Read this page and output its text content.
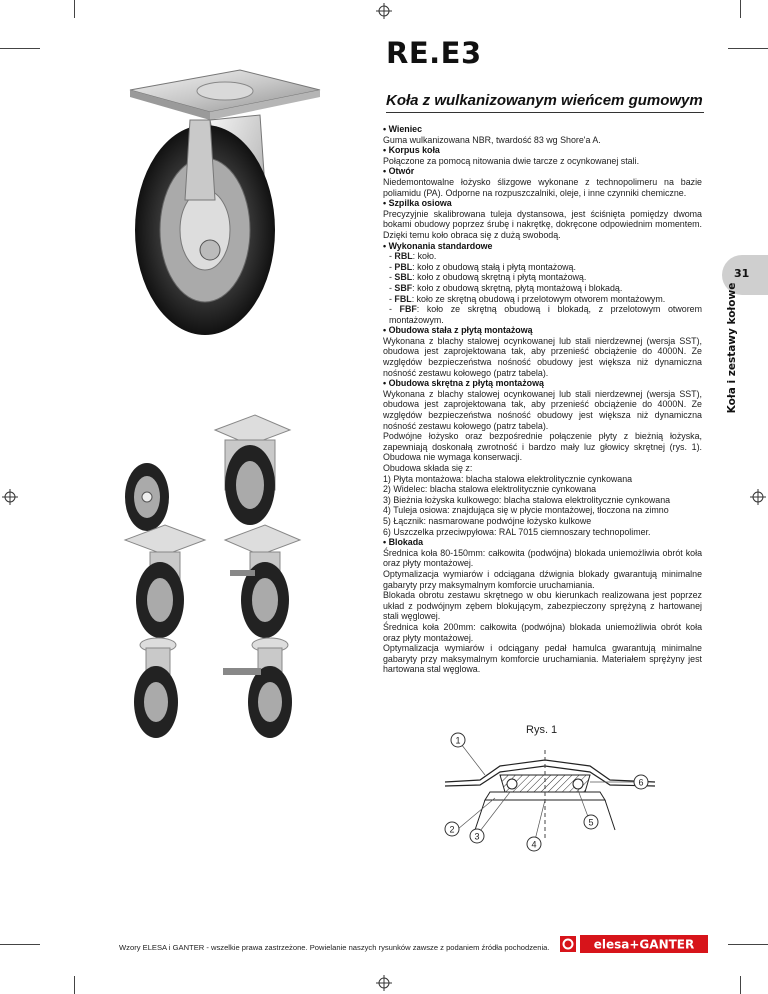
RE.E3
Koła z wulkanizowanym wieńcem gumowym
31
Koła i zestawy kołowe
• Wieniec

Guma wulkanizowana NBR, twardość 83 wg Shore'a A.

• Korpus koła

Połączone za pomocą nitowania dwie tarcze z ocynkowanej stali.

• Otwór

Niedemontowalne łożysko ślizgowe wykonane z technopolimeru na bazie poliamidu (PA). Odporne na rozpuszczalniki, oleje, i inne czynniki chemiczne.

• Szpilka osiowa

Precyzyjnie skalibrowana tuleja dystansowa, jest ściśnięta pomiędzy dwoma bokami obudowy poprzez śrubę i nakrętkę, dokręcone odpowiednim momentem. Dzięki temu koło obraca się z dużą swobodą.

• Wykonania standardowe
- RBL: koło.
- PBL: koło z obudową stałą i płytą montażową.
- SBL: koło z obudową skrętną i płytą montażową.
- SBF: koło z obudową skrętną, płytą montażową i blokadą.
- FBL: koło ze skrętną obudową i przelotowym otworem montażowym.
- FBF: koło ze skrętną obudową i blokadą, z przelotowym otworem montażowym.
• Obudowa stała z płytą montażową

Wykonana z blachy stalowej ocynkowanej lub stali nierdzewnej (wersja SST), obudowa jest zaprojektowana tak, aby przenieść obciążenie do 4000N. Ze względów bezpieczeństwa nośność obudowy jest większa niż dynamiczna nośność zestawu kołowego (patrz tabela).

• Obudowa skrętna z płytą montażową

Wykonana z blachy stalowej ocynkowanej lub stali nierdzewnej (wersja SST), obudowa jest zaprojektowana tak, aby przenieść obciążenie do 4000N. Ze względów bezpieczeństwa nośność obudowy jest większa niż dynamiczna nośność zestawu kołowego (patrz tabela).

Podwójne łożysko oraz bezpośrednie połączenie płyty z bieżnią łożyska, zapewniają doskonałą zwrotność i bardzo mały luz głowicy skrętnej (rys. 1). Obudowa nie wymaga konserwacji.

Obudowa składa się z:

1) Płyta montażowa: blacha stalowa elektrolitycznie cynkowana
2) Widelec: blacha stalowa elektrolitycznie cynkowana
3) Bieżnia łożyska kulkowego: blacha stalowa elektrolitycznie cynkowana
4) Tuleja osiowa: znajdująca się w płycie montażowej, tłoczona na zimno
5) Łącznik: nasmarowane podwójne łożysko kulkowe
6) Uszczelka przeciwpyłowa: RAL 7015 ciemnoszary technopolimer.
• Blokada

Średnica koła 80-150mm: całkowita (podwójna) blokada uniemożliwia obrót koła oraz płyty montażowej.

Optymalizacja wymiarów i odciągana dźwignia blokady gwarantują minimalne gabaryty przy maksymalnym komforcie uruchamiania.

Blokada obrotu zestawu skrętnego w obu kierunkach realizowana jest poprzez układ z podwójnym zębem blokującym, zabezpieczony sprężyną z hartowanej stali węglowej.

Średnica koła 200mm: całkowita (podwójna) blokada uniemożliwia obrót koła oraz płyty montażowej.

Optymalizacja wymiarów i odciągany pedał hamulca gwarantują minimalne gabaryty przy maksymalnym komforcie uruchamiania. Materiałem sprężyny jest hartowana stal węglowa.

Rys. 1
1
2
3
4
5
6
Wzory ELESA i GANTER - wszelkie prawa zastrzeżone. Powielanie naszych rysunków zawsze z podaniem źródła pochodzenia.	elesa+GANTER
